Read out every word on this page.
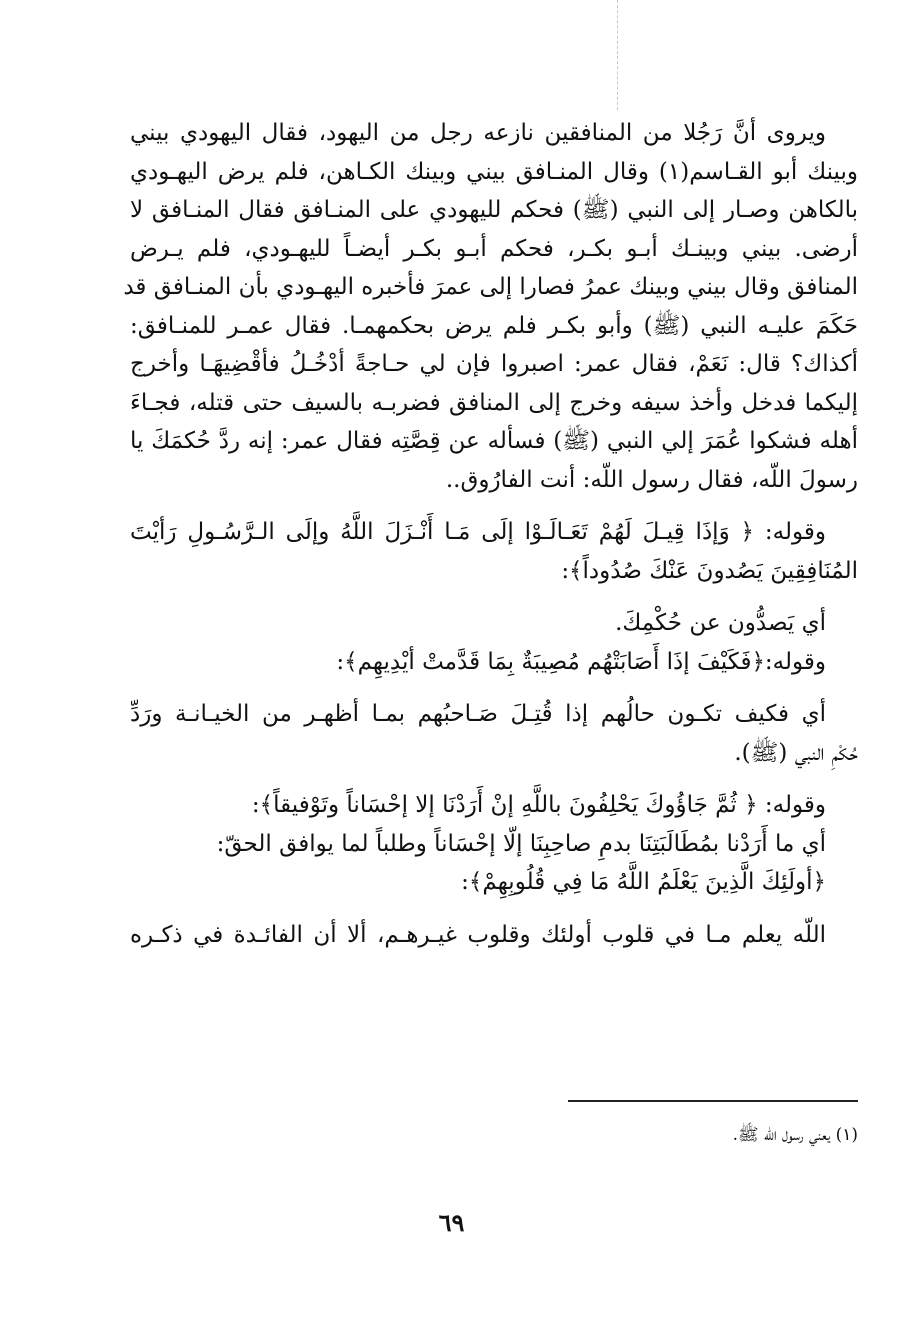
ويروى أنَّ رَجُلا من المنافقين نازعه رجل من اليهود، فقال اليهودي بيني
وبينك أبو القـاسم(١) وقال المنـافق بيني وبينك الكـاهن، فلم يرض اليهـودي
بالكاهن وصـار إلى النبي (ﷺ) فحكم لليهودي على المنـافق فقال المنـافق لا
أرضى. بيني وبينـك أبـو بكـر، فحكم أبـو بكـر أيضـاً لليهـودي، فلم يـرض
المنافق وقال بيني وبينك عمرُ فصارا إلى عمرَ فأخبره اليهـودي بأن المنـافق قد
حَكَمَ عليـه النبي (ﷺ) وأبو بكـر فلم يرض بحكمهمـا. فقال عمـر للمنـافق:
أكذاك؟ قال: نَعَمْ، فقال عمر: اصبروا فإن لي حـاجةً أدْخُـلُ فأقْضِيهَـا وأخرج
إليكما فدخل وأخذ سيفه وخرج إلى المنافق فضربـه بالسيف حتى قتله، فجـاءَ
أهله فشكوا عُمَرَ إلي النبي (ﷺ) فسأله عن قِصَّتِه فقال عمر: إنه ردَّ حُكمَكَ يا
رسولَ اللّه، فقال رسول اللّه: أنت الفارُوق..
وقوله: ﴿ وَإذَا قِيـلَ لَهُمْ تَعَـالَـوْا إلَى مَـا أَنْـزَلَ اللَّهُ وإلَى الـرَّسُـولِ رَأيْتَ
المُنَافِقِينَ يَصُدونَ عَنْكَ صُدُوداً﴾:
أي يَصدُّون عن حُكْمِكَ.
وقوله:﴿فَكَيْفَ إذَا أَصَابَتْهُم مُصِيبَةٌ بِمَا قَدَّمتْ أيْدِيهِم﴾:
أي فكيف تكـون حالُهم إذا قُتِـلَ صَـاحبُهم بمـا أظهـر من الخيـانـة ورَدِّ
حُكْمِ النبي (ﷺ).
وقوله: ﴿ ثُمَّ جَاؤُوكَ يَحْلِفُونَ باللَّهِ إنْ أَرَدْنَا إلا إحْسَاناً وتَوْفيقاً﴾:
أي ما أَرَدْنا بمُطَالَبَتِنَا بدمِ صاحِبِنَا إلّا إحْسَاناً وطلباً لما يوافق الحقّ:
﴿أولَئِكَ الَّذِينَ يَعْلَمُ اللَّهُ مَا فِي قُلُوبِهِمْ﴾:
اللّه يعلم مـا في قلوب أولئك وقلوب غيـرهـم، ألا أن الفائـدة في ذكـره
(١) يعني رسول اللّه ﷺ.
٦٩
